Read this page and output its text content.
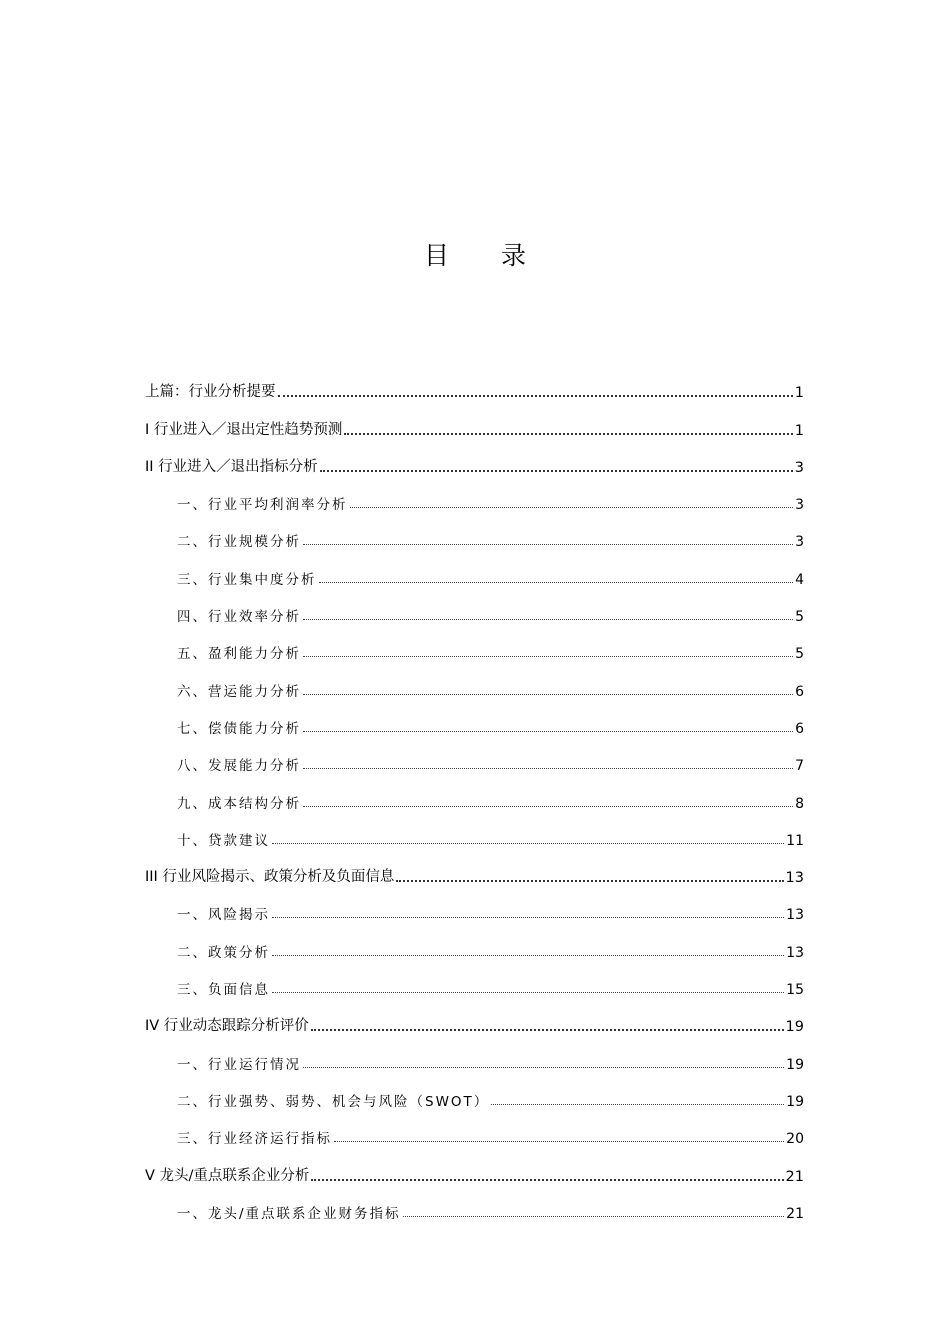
目 录
上篇：行业分析提要	1
I 行业进入／退出定性趋势预测	1
II 行业进入／退出指标分析	3
一、行业平均利润率分析	3
二、行业规模分析	3
三、行业集中度分析	4
四、行业效率分析	5
五、盈利能力分析	5
六、营运能力分析	6
七、偿债能力分析	6
八、发展能力分析	7
九、成本结构分析	8
十、贷款建议	11
III 行业风险揭示、政策分析及负面信息	13
一、风险揭示	13
二、政策分析	13
三、负面信息	15
IV 行业动态跟踪分析评价	19
一、行业运行情况	19
二、行业强势、弱势、机会与风险（SWOT）	19
三、行业经济运行指标	20
V 龙头/重点联系企业分析	21
一、龙头/重点联系企业财务指标	21
